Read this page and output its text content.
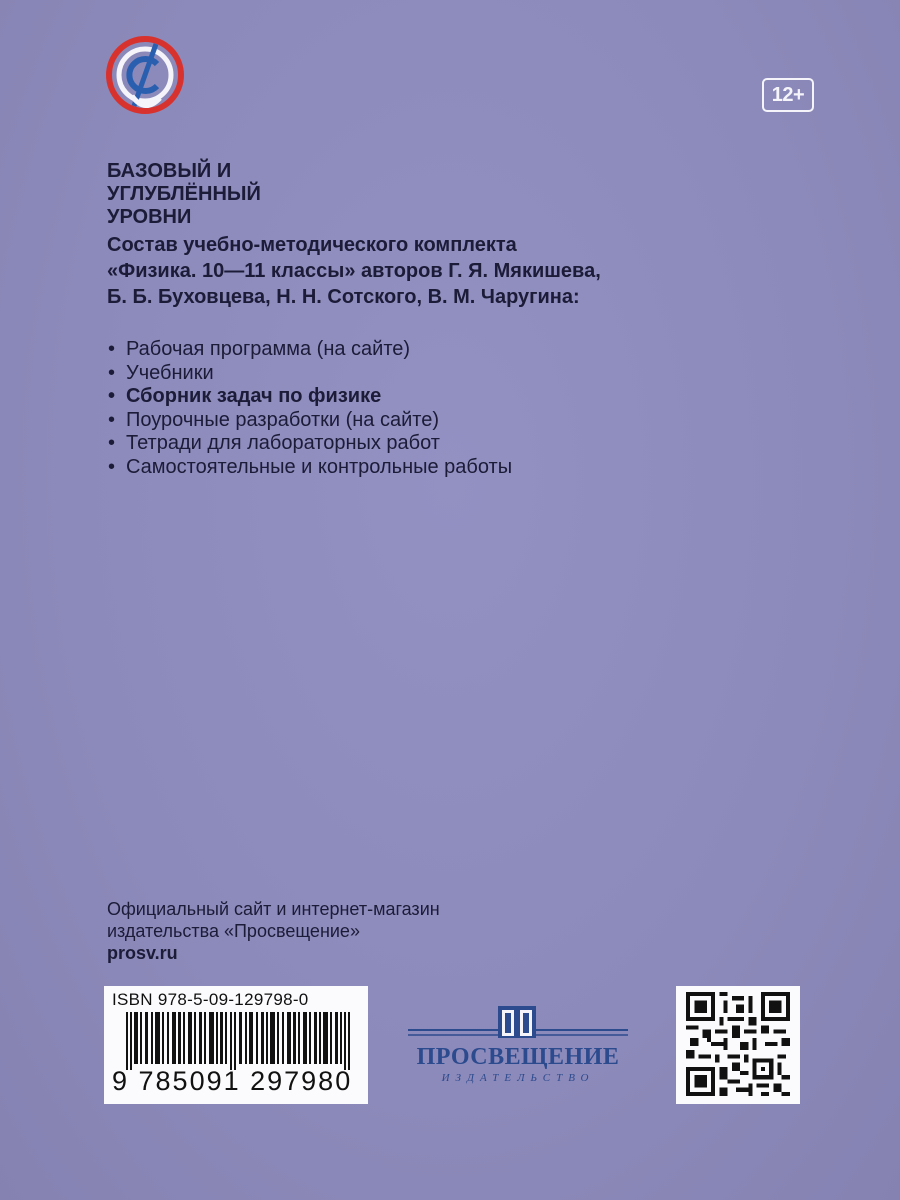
12+
БАЗОВЫЙ И
УГЛУБЛЁННЫЙ
УРОВНИ
Состав учебно-методического комплекта
«Физика. 10—11 классы» авторов Г. Я. Мякишева,
Б. Б. Буховцева, Н. Н. Сотского, В. М. Чаругина:
• Рабочая программа (на сайте)
• Учебники
• Сборник задач по физике
• Поурочные разработки (на сайте)
• Тетради для лабораторных работ
• Самостоятельные и контрольные работы
Официальный сайт и интернет-магазин
издательства «Просвещение»
prosv.ru
ISBN 978-5-09-129798-0
9 785091 297980
ПРОСВЕЩЕНИЕ
ИЗДАТЕЛЬСТВО
